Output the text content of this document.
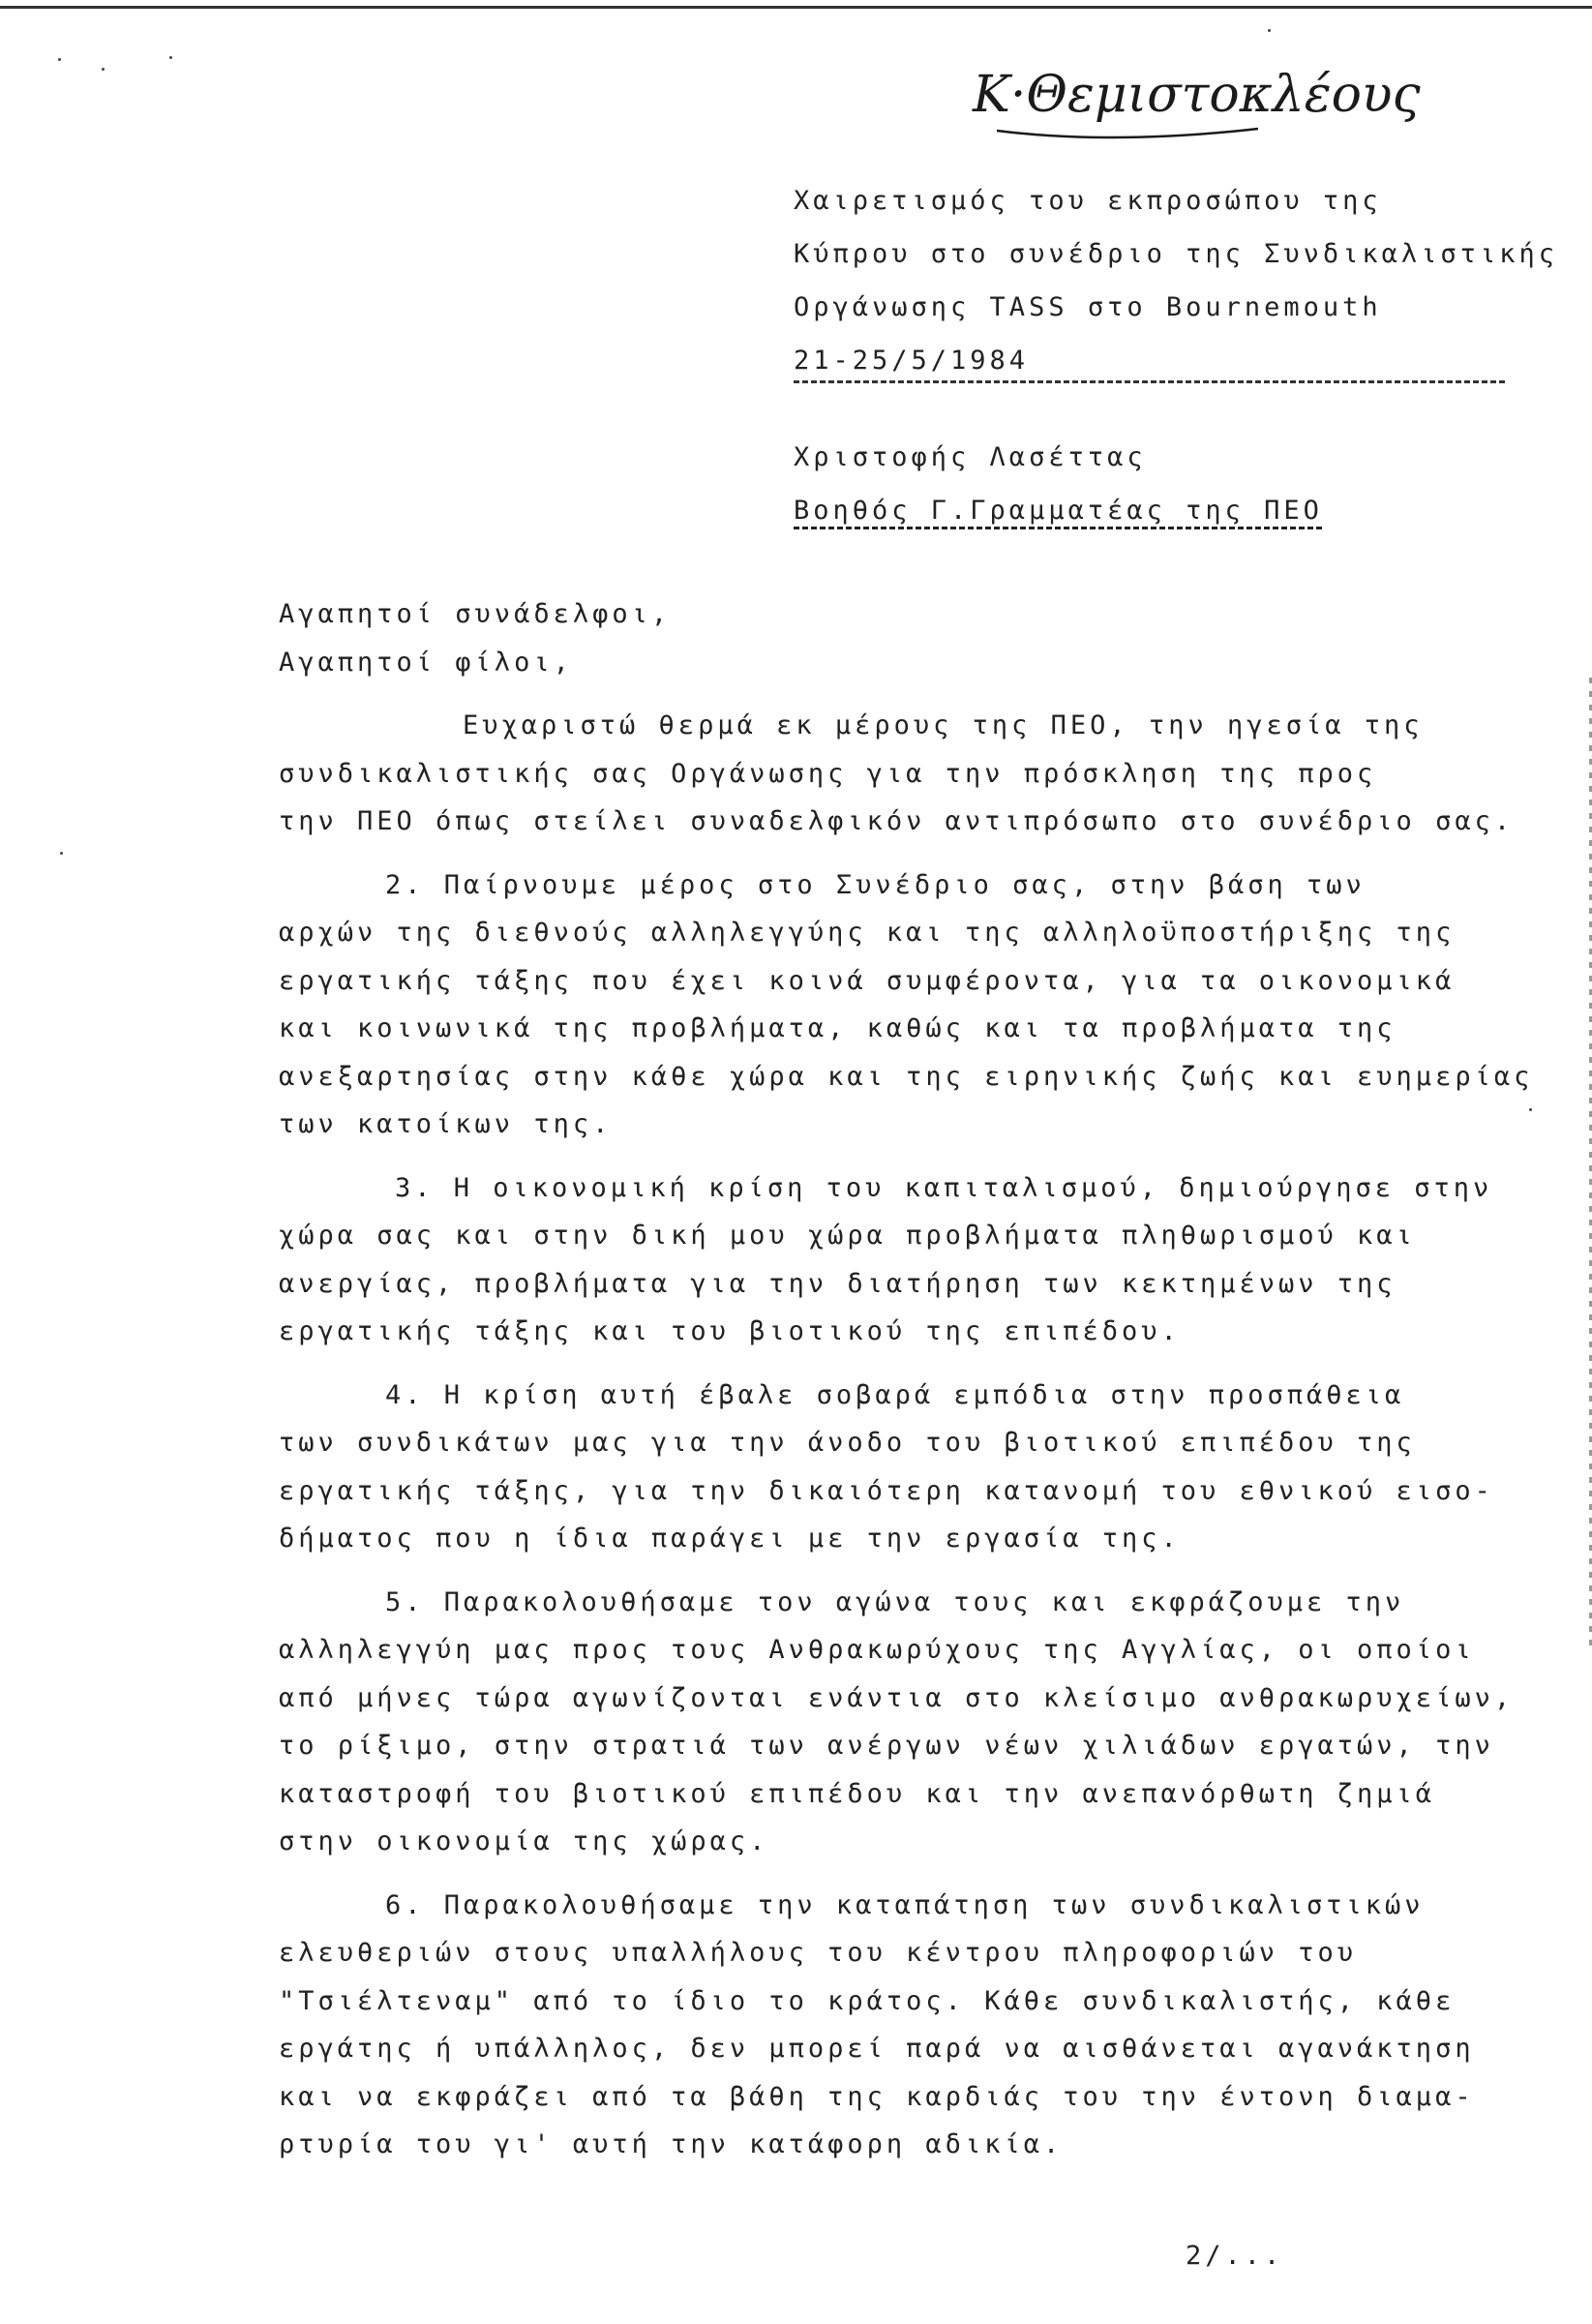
Κ·Θεμιστοκλέους
Χαιρετισμός του εκπροσώπου της
Κύπρου στο συνέδριο της Συνδικαλιστικής
Οργάνωσης TASS στο Bournemouth
21-25/5/1984
Χριστοφής Λασέττας
Βοηθός Γ.Γραμματέας της ΠΕΟ
Αγαπητοί συνάδελφοι,
Αγαπητοί φίλοι,
Ευχαριστώ θερμά εκ μέρους της ΠΕΟ, την ηγεσία της
συνδικαλιστικής σας Οργάνωσης για την πρόσκληση της προς
την ΠΕΟ όπως στείλει συναδελφικόν αντιπρόσωπο στο συνέδριο σας.
2. Παίρνουμε μέρος στο Συνέδριο σας, στην βάση των
αρχών της διεθνούς αλληλεγγύης και της αλληλοϋποστήριξης της
εργατικής τάξης που έχει κοινά συμφέροντα, για τα οικονομικά
και κοινωνικά της προβλήματα, καθώς και τα προβλήματα της
ανεξαρτησίας στην κάθε χώρα και της ειρηνικής ζωής και ευημερίας
των κατοίκων της.
3. Η οικονομική κρίση του καπιταλισμού, δημιούργησε στην
χώρα σας και στην δική μου χώρα προβλήματα πληθωρισμού και
ανεργίας, προβλήματα για την διατήρηση των κεκτημένων της
εργατικής τάξης και του βιοτικού της επιπέδου.
4. Η κρίση αυτή έβαλε σοβαρά εμπόδια στην προσπάθεια
των συνδικάτων μας για την άνοδο του βιοτικού επιπέδου της
εργατικής τάξης, για την δικαιότερη κατανομή του εθνικού εισο-
δήματος που η ίδια παράγει με την εργασία της.
5. Παρακολουθήσαμε τον αγώνα τους και εκφράζουμε την
αλληλεγγύη μας προς τους Ανθρακωρύχους της Αγγλίας, οι οποίοι
από μήνες τώρα αγωνίζονται ενάντια στο κλείσιμο ανθρακωρυχείων,
το ρίξιμο, στην στρατιά των ανέργων νέων χιλιάδων εργατών, την
καταστροφή του βιοτικού επιπέδου και την ανεπανόρθωτη ζημιά
στην οικονομία της χώρας.
6. Παρακολουθήσαμε την καταπάτηση των συνδικαλιστικών
ελευθεριών στους υπαλλήλους του κέντρου πληροφοριών του
"Τσιέλτεναμ" από το ίδιο το κράτος. Κάθε συνδικαλιστής, κάθε
εργάτης ή υπάλληλος, δεν μπορεί παρά να αισθάνεται αγανάκτηση
και να εκφράζει από τα βάθη της καρδιάς του την έντονη διαμα-
ρτυρία του γι' αυτή την κατάφορη αδικία.
2/...
